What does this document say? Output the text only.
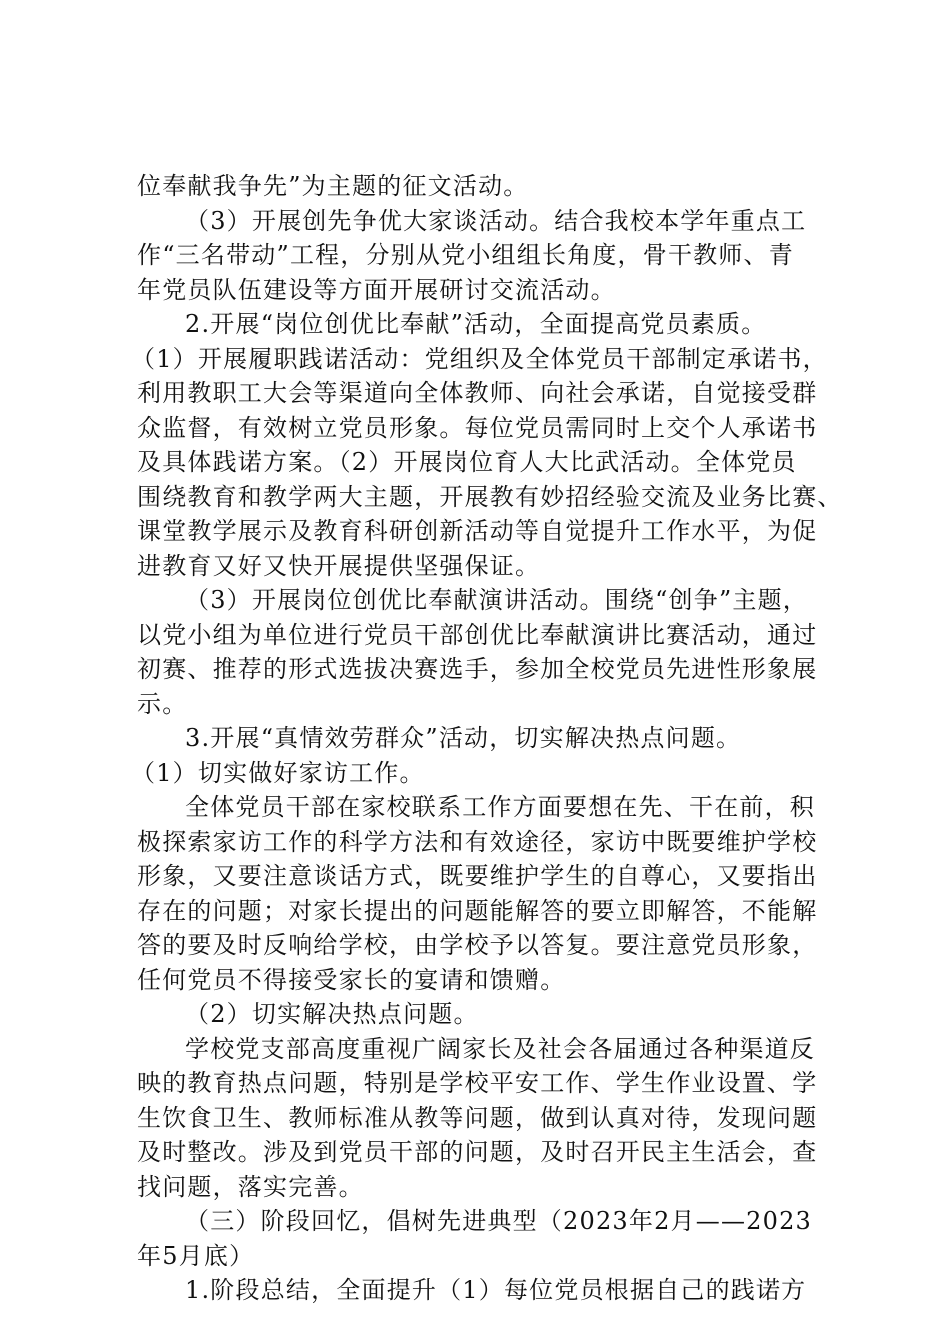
位奉献我争先”为主题的征文活动。
（3）开展创先争优大家谈活动。结合我校本学年重点工
作“三名带动”工程，分别从党小组组长角度，骨干教师、青
年党员队伍建设等方面开展研讨交流活动。
2.开展“岗位创优比奉献”活动，全面提高党员素质。
（1）开展履职践诺活动：党组织及全体党员干部制定承诺书，
利用教职工大会等渠道向全体教师、向社会承诺，自觉接受群
众监督，有效树立党员形象。每位党员需同时上交个人承诺书
及具体践诺方案。（2）开展岗位育人大比武活动。全体党员
围绕教育和教学两大主题，开展教有妙招经验交流及业务比赛、
课堂教学展示及教育科研创新活动等自觉提升工作水平，为促
进教育又好又快开展提供坚强保证。
（3）开展岗位创优比奉献演讲活动。围绕“创争”主题，
以党小组为单位进行党员干部创优比奉献演讲比赛活动，通过
初赛、推荐的形式选拔决赛选手，参加全校党员先进性形象展
示。
3.开展“真情效劳群众”活动，切实解决热点问题。
（1）切实做好家访工作。
全体党员干部在家校联系工作方面要想在先、干在前，积
极探索家访工作的科学方法和有效途径，家访中既要维护学校
形象，又要注意谈话方式，既要维护学生的自尊心，又要指出
存在的问题；对家长提出的问题能解答的要立即解答，不能解
答的要及时反响给学校，由学校予以答复。要注意党员形象，
任何党员不得接受家长的宴请和馈赠。
（2）切实解决热点问题。
学校党支部高度重视广阔家长及社会各届通过各种渠道反
映的教育热点问题，特别是学校平安工作、学生作业设置、学
生饮食卫生、教师标准从教等问题，做到认真对待，发现问题
及时整改。涉及到党员干部的问题，及时召开民主生活会，查
找问题，落实完善。
（三）阶段回忆，倡树先进典型（2023年2月——2023
年5月底）
1.阶段总结，全面提升（1）每位党员根据自己的践诺方
